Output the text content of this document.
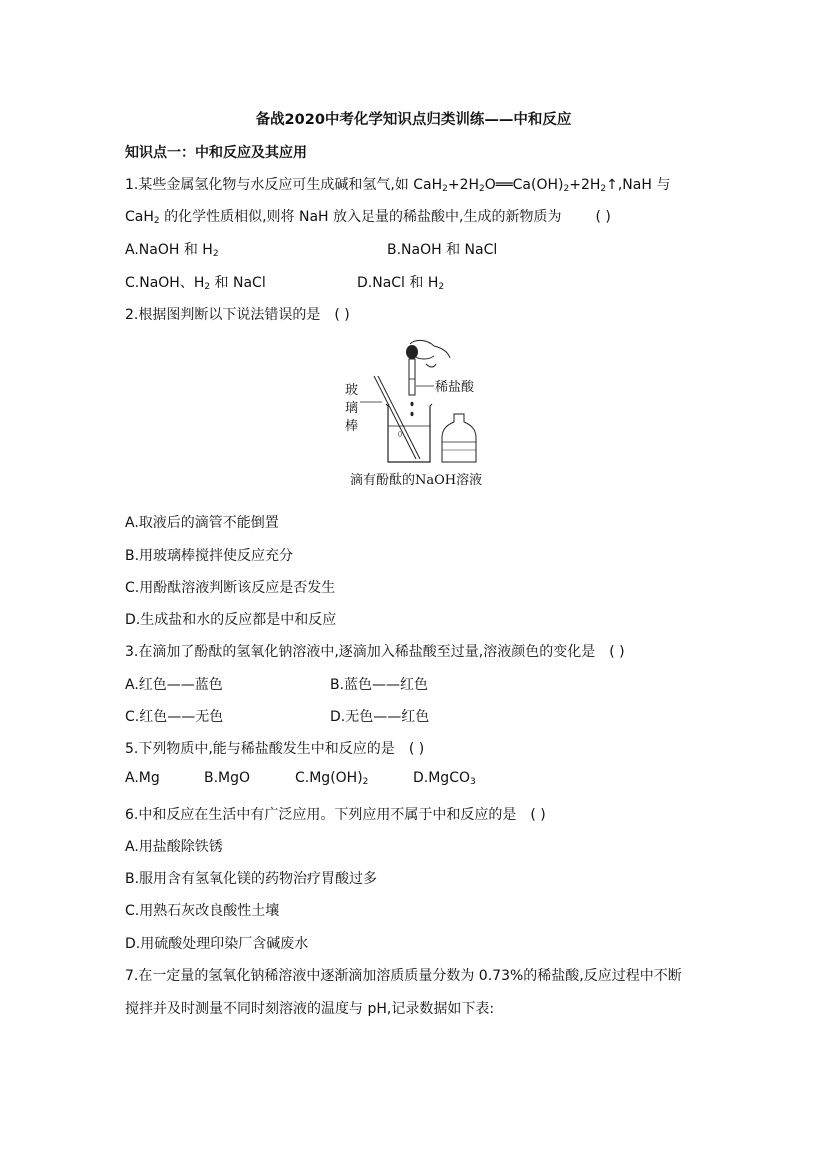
备战2020中考化学知识点归类训练——中和反应
知识点一：中和反应及其应用
1.某些金属氢化物与水反应可生成碱和氢气,如 $CaH_2+2H_2O══Ca(OH)_2+2H_2↑,NaH$ 与
CaH$_2$ 的化学性质相似,则将 NaH 放入足量的稀盐酸中,生成的新物质为 ( )
A.NaOH 和 $H_2$	B.NaOH 和 NaCl
C.NaOH、$H_2$ 和 NaCl	D.NaCl 和 $H_2$
2.根据图判断以下说法错误的是 ( )
稀盐酸
玻
璃
棒
滴有酚酞的NaOH溶液
A.取液后的滴管不能倒置
B.用玻璃棒搅拌使反应充分
C.用酚酞溶液判断该反应是否发生
D.生成盐和水的反应都是中和反应
3.在滴加了酚酞的氢氧化钠溶液中,逐滴加入稀盐酸至过量,溶液颜色的变化是 ( )
A.红色——蓝色	B.蓝色——红色
C.红色——无色	D.无色——红色
5.下列物质中,能与稀盐酸发生中和反应的是 ( )
A.Mg	B.MgO	$C.Mg(OH)_2$	D.MgCO$_3$
6.中和反应在生活中有广泛应用。下列应用不属于中和反应的是 ( )
A.用盐酸除铁锈
B.服用含有氢氧化镁的药物治疗胃酸过多
C.用熟石灰改良酸性土壤
D.用硫酸处理印染厂含碱废水
7.在一定量的氢氧化钠稀溶液中逐渐滴加溶质质量分数为 0.73%的稀盐酸,反应过程中不断
搅拌并及时测量不同时刻溶液的温度与 pH,记录数据如下表:
